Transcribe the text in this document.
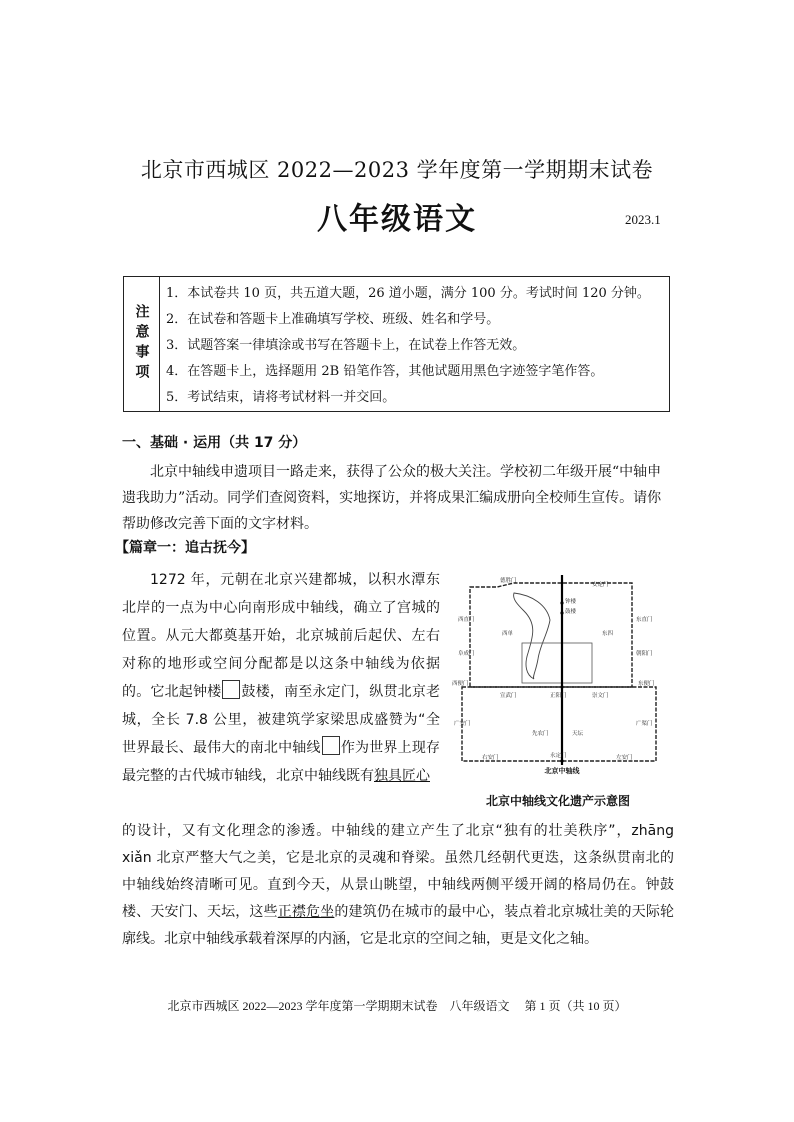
北京市西城区 2022—2023 学年度第一学期期末试卷
八年级语文	2023.1
注意事项
1．本试卷共 10 页，共五道大题，26 道小题，满分 100 分。考试时间 120 分钟。
2．在试卷和答题卡上准确填写学校、班级、姓名和学号。
3．试题答案一律填涂或书写在答题卡上，在试卷上作答无效。
4．在答题卡上，选择题用 2B 铅笔作答，其他试题用黑色字迹签字笔作答。
5．考试结束，请将考试材料一并交回。
一、基础 · 运用（共 17 分）
北京中轴线申遗项目一路走来，获得了公众的极大关注。学校初二年级开展“中轴申遗我助力”活动。同学们查阅资料，实地探访，并将成果汇编成册向全校师生宣传。请你帮助修改完善下面的文字材料。
【篇章一：追古抚今】
1272 年，元朝在北京兴建都城，以积水潭东北岸的一点为中心向南形成中轴线，确立了宫城的位置。从元大都奠基开始，北京城前后起伏、左右对称的地形或空间分配都是以这条中轴线为依据的。它北起钟楼 鼓楼，南至永定门，纵贯北京老城，全长 7.8 公里，被建筑学家梁思成盛赞为“全世界最长、最伟大的南北中轴线 作为世界上现存最完整的古代城市轴线，北京中轴线既有独具匠心
的设计，又有文化理念的渗透。中轴线的建立产生了北京“独有的壮美秩序”，zhāng xiǎn 北京严整大气之美，它是北京的灵魂和脊梁。虽然几经朝代更迭，这条纵贯南北的中轴线始终清晰可见。直到今天，从景山眺望，中轴线两侧平缓开阔的格局仍在。钟鼓楼、天安门、天坛，这些正襟危坐的建筑仍在城市的最中心，装点着北京城壮美的天际轮廓线。北京中轴线承载着深厚的内涵，它是北京的空间之轴，更是文化之轴。
德胜门
安定门
钟楼
鼓楼
西直门	东直门
阜成门	朝阳门
西单	东四
西便门	东便门
正阳门	崇文门
宣武门
广渠门
广安门
永定门
右安门	左安门
天坛
先农门
北京中轴线
北京中轴线文化遗产示意图
北京市西城区 2022—2023 学年度第一学期期末试卷　八年级语文　 第 1 页（共 10 页）
